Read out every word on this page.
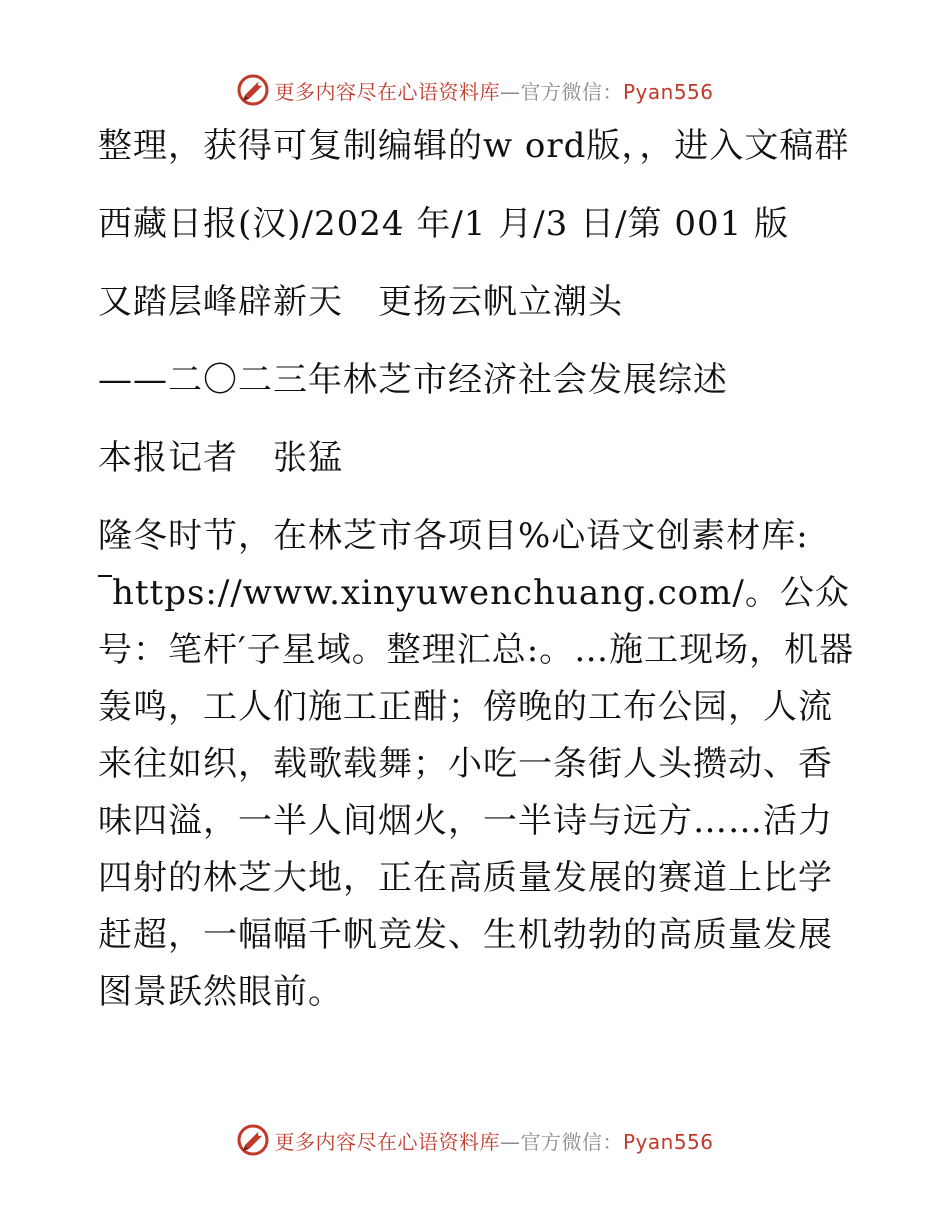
更多内容尽在心语资料库—官方微信：Pyan556

整理，获得可复制编辑的w ord版，，进入文稿群

西藏日报(汉)/2024 年/1 月/3 日/第 001 版

又踏层峰辟新天　更扬云帆立潮头

——二〇二三年林芝市经济社会发展综述

本报记者　张猛

隆冬时节，在林芝市各项目%心语文创素材库:

https://www.xinyuwenchuang.com/。公众号：笔杆′子星域。整理汇总:。…施工现场，机器轰鸣，工人们施工正酣；傍晚的工布公园，人流来往如织，载歌载舞；小吃一条街人头攒动、香味四溢，一半人间烟火，一半诗与远方……活力四射的林芝大地，正在高质量发展的赛道上比学赶超，一幅幅千帆竞发、生机勃勃的高质量发展图景跃然眼前。

更多内容尽在心语资料库—官方微信：Pyan556
